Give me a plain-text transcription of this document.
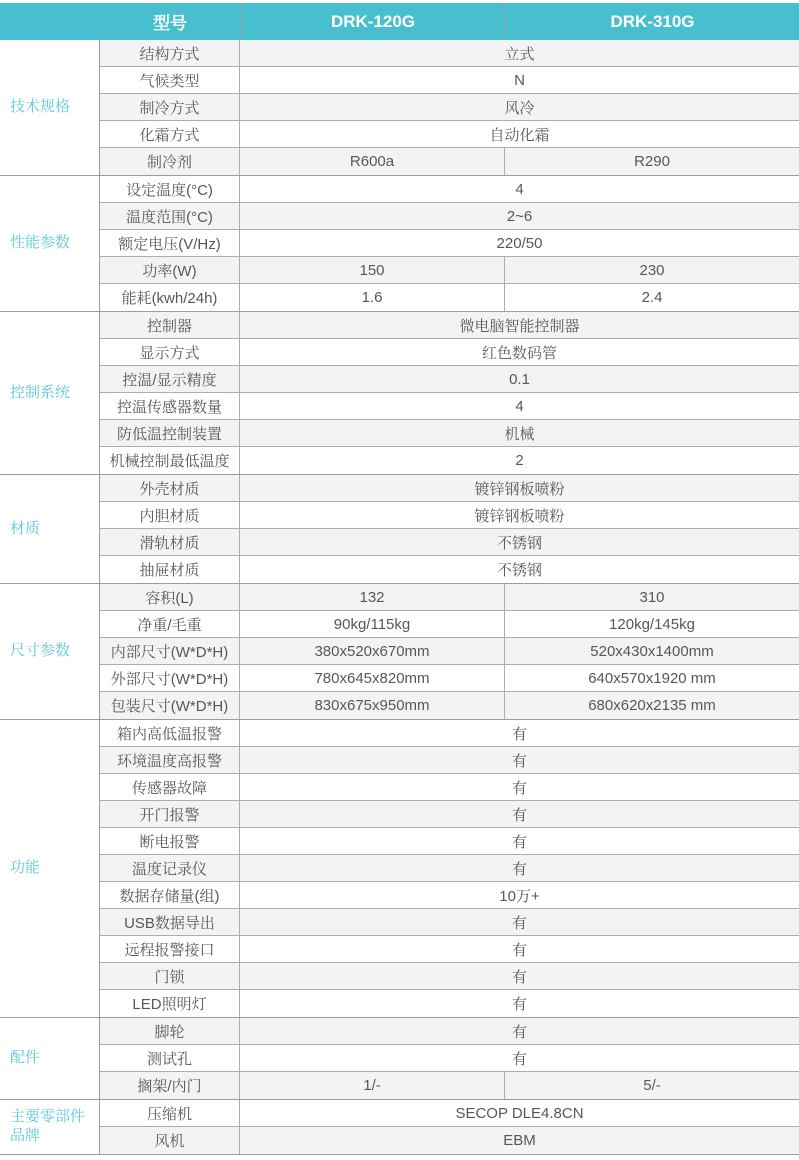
型号	DRK-120G	DRK-310G
技术规格
结构方式	立式
气候类型	N
制冷方式	风冷
化霜方式	自动化霜
制冷剂	R600a	R290
性能参数
设定温度(°C)	4
温度范围(°C)	2~6
额定电压(V/Hz)	220/50
功率(W)	150	230
能耗(kwh/24h)	1.6	2.4
控制系统
控制器	微电脑智能控制器
显示方式	红色数码管
控温/显示精度	0.1
控温传感器数量	4
防低温控制装置	机械
机械控制最低温度	2
材质
外壳材质	镀锌钢板喷粉
内胆材质	镀锌钢板喷粉
滑轨材质	不锈钢
抽屉材质	不锈钢
尺寸参数
容积(L)	132	310
净重/毛重	90kg/115kg	120kg/145kg
内部尺寸(W*D*H)	380x520x670mm	520x430x1400mm
外部尺寸(W*D*H)	780x645x820mm	640x570x1920 mm
包装尺寸(W*D*H)	830x675x950mm	680x620x2135 mm
功能
箱内高低温报警	有
环境温度高报警	有
传感器故障	有
开门报警	有
断电报警	有
温度记录仪	有
数据存储量(组)	10万+
USB数据导出	有
远程报警接口	有
门锁	有
LED照明灯	有
配件
脚轮	有
测试孔	有
搁架/内门	1/-	5/-
主要零部件品牌
压缩机	SECOP DLE4.8CN
风机	EBM
